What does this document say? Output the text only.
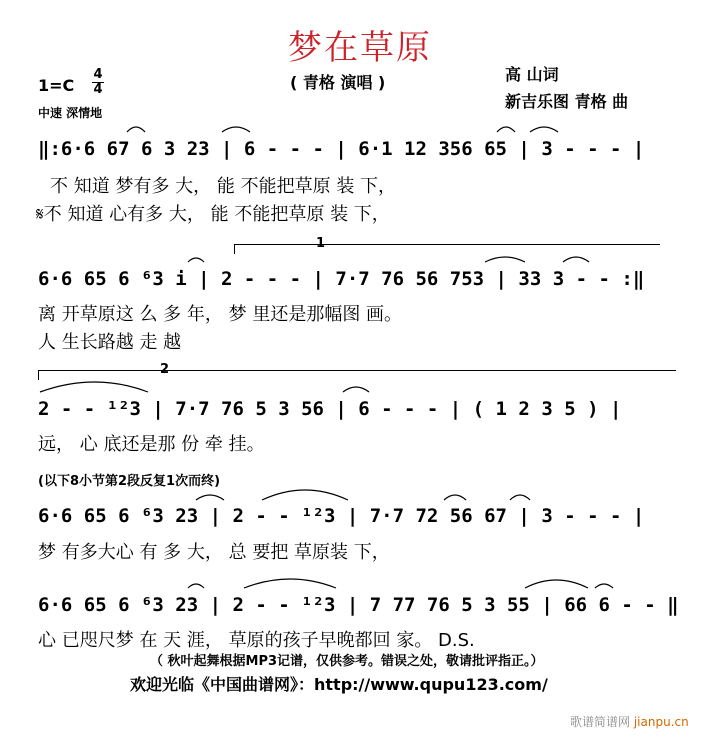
梦在草原
( 青格 演唱 )
1=C
4
4
中速 深情地
高 山词
新吉乐图 青格 曲
‖:6·6 67 6 3 23 | 6 - - - | 6·1 12 356 65 | 3 - - - |
不 知道 梦有多 大， 能 不能把草原 装 下，
𝄋不 知道 心有多 大， 能 不能把草原 装 下，
1
6·6 65 6 ⁶3 i | 2 - - - | 7·7 76 56 753 | 33 3 - - :‖
离 开草原这 么 多 年， 梦 里还是那幅图 画。
人 生长路越 走 越
2
2 - - ¹²3 | 7·7 76 5 3 56 | 6 - - - | ( 1 2 3 5 ) |
远， 心 底还是那 份 牵 挂。
(以下8小节第2段反复1次而终)
6·6 65 6 ⁶3 23 | 2 - - ¹²3 | 7·7 72 56 67 | 3 - - - |
梦 有多大心 有 多 大， 总 要把 草原装 下，
6·6 65 6 ⁶3 23 | 2 - - ¹²3 | 7 77 76 5 3 55 | 66 6 - - ‖
心 已咫尺梦 在 天 涯， 草原的孩子早晚都回 家。 D.S.
（ 秋叶起舞根据MP3记谱，仅供参考。错误之处，敬请批评指正。）
欢迎光临《中国曲谱网》：http://www.qupu123.com/
歌谱简谱网 jianpu.cn
